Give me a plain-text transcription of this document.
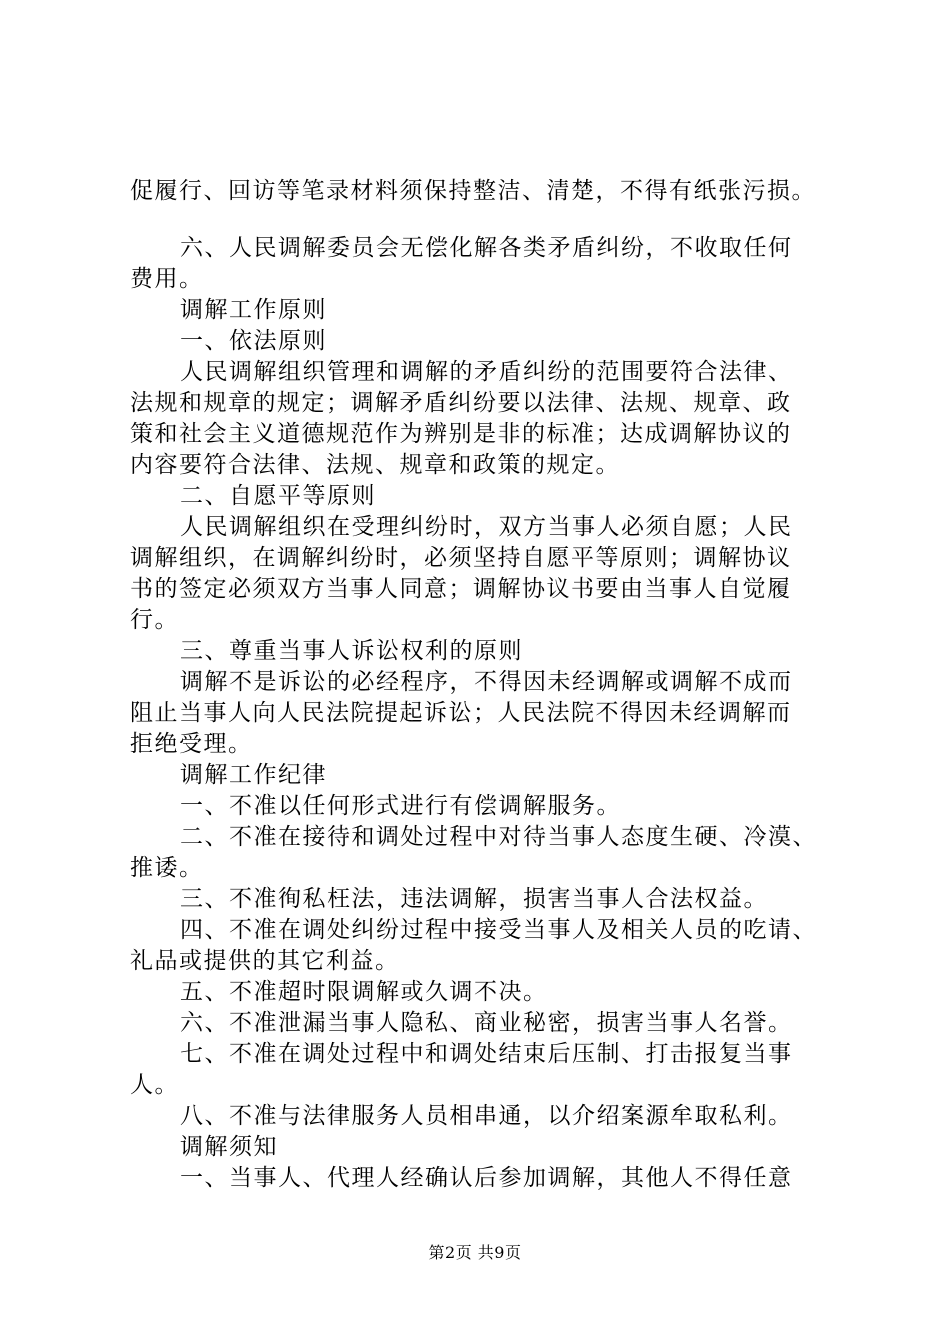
促履行、回访等笔录材料须保持整洁、清楚，不得有纸张污损。
六、人民调解委员会无偿化解各类矛盾纠纷，不收取任何
费用。
调解工作原则
一、依法原则
人民调解组织管理和调解的矛盾纠纷的范围要符合法律、
法规和规章的规定；调解矛盾纠纷要以法律、法规、规章、政
策和社会主义道德规范作为辨别是非的标准；达成调解协议的
内容要符合法律、法规、规章和政策的规定。
二、自愿平等原则
人民调解组织在受理纠纷时，双方当事人必须自愿；人民
调解组织，在调解纠纷时，必须坚持自愿平等原则；调解协议
书的签定必须双方当事人同意；调解协议书要由当事人自觉履
行。
三、尊重当事人诉讼权利的原则
调解不是诉讼的必经程序，不得因未经调解或调解不成而
阻止当事人向人民法院提起诉讼；人民法院不得因未经调解而
拒绝受理。
调解工作纪律
一、不准以任何形式进行有偿调解服务。
二、不准在接待和调处过程中对待当事人态度生硬、冷漠、
推诿。
三、不准徇私枉法，违法调解，损害当事人合法权益。
四、不准在调处纠纷过程中接受当事人及相关人员的吃请、
礼品或提供的其它利益。
五、不准超时限调解或久调不决。
六、不准泄漏当事人隐私、商业秘密，损害当事人名誉。
七、不准在调处过程中和调处结束后压制、打击报复当事
人。
八、不准与法律服务人员相串通，以介绍案源牟取私利。
调解须知
一、当事人、代理人经确认后参加调解，其他人不得任意
第2页 共9页
